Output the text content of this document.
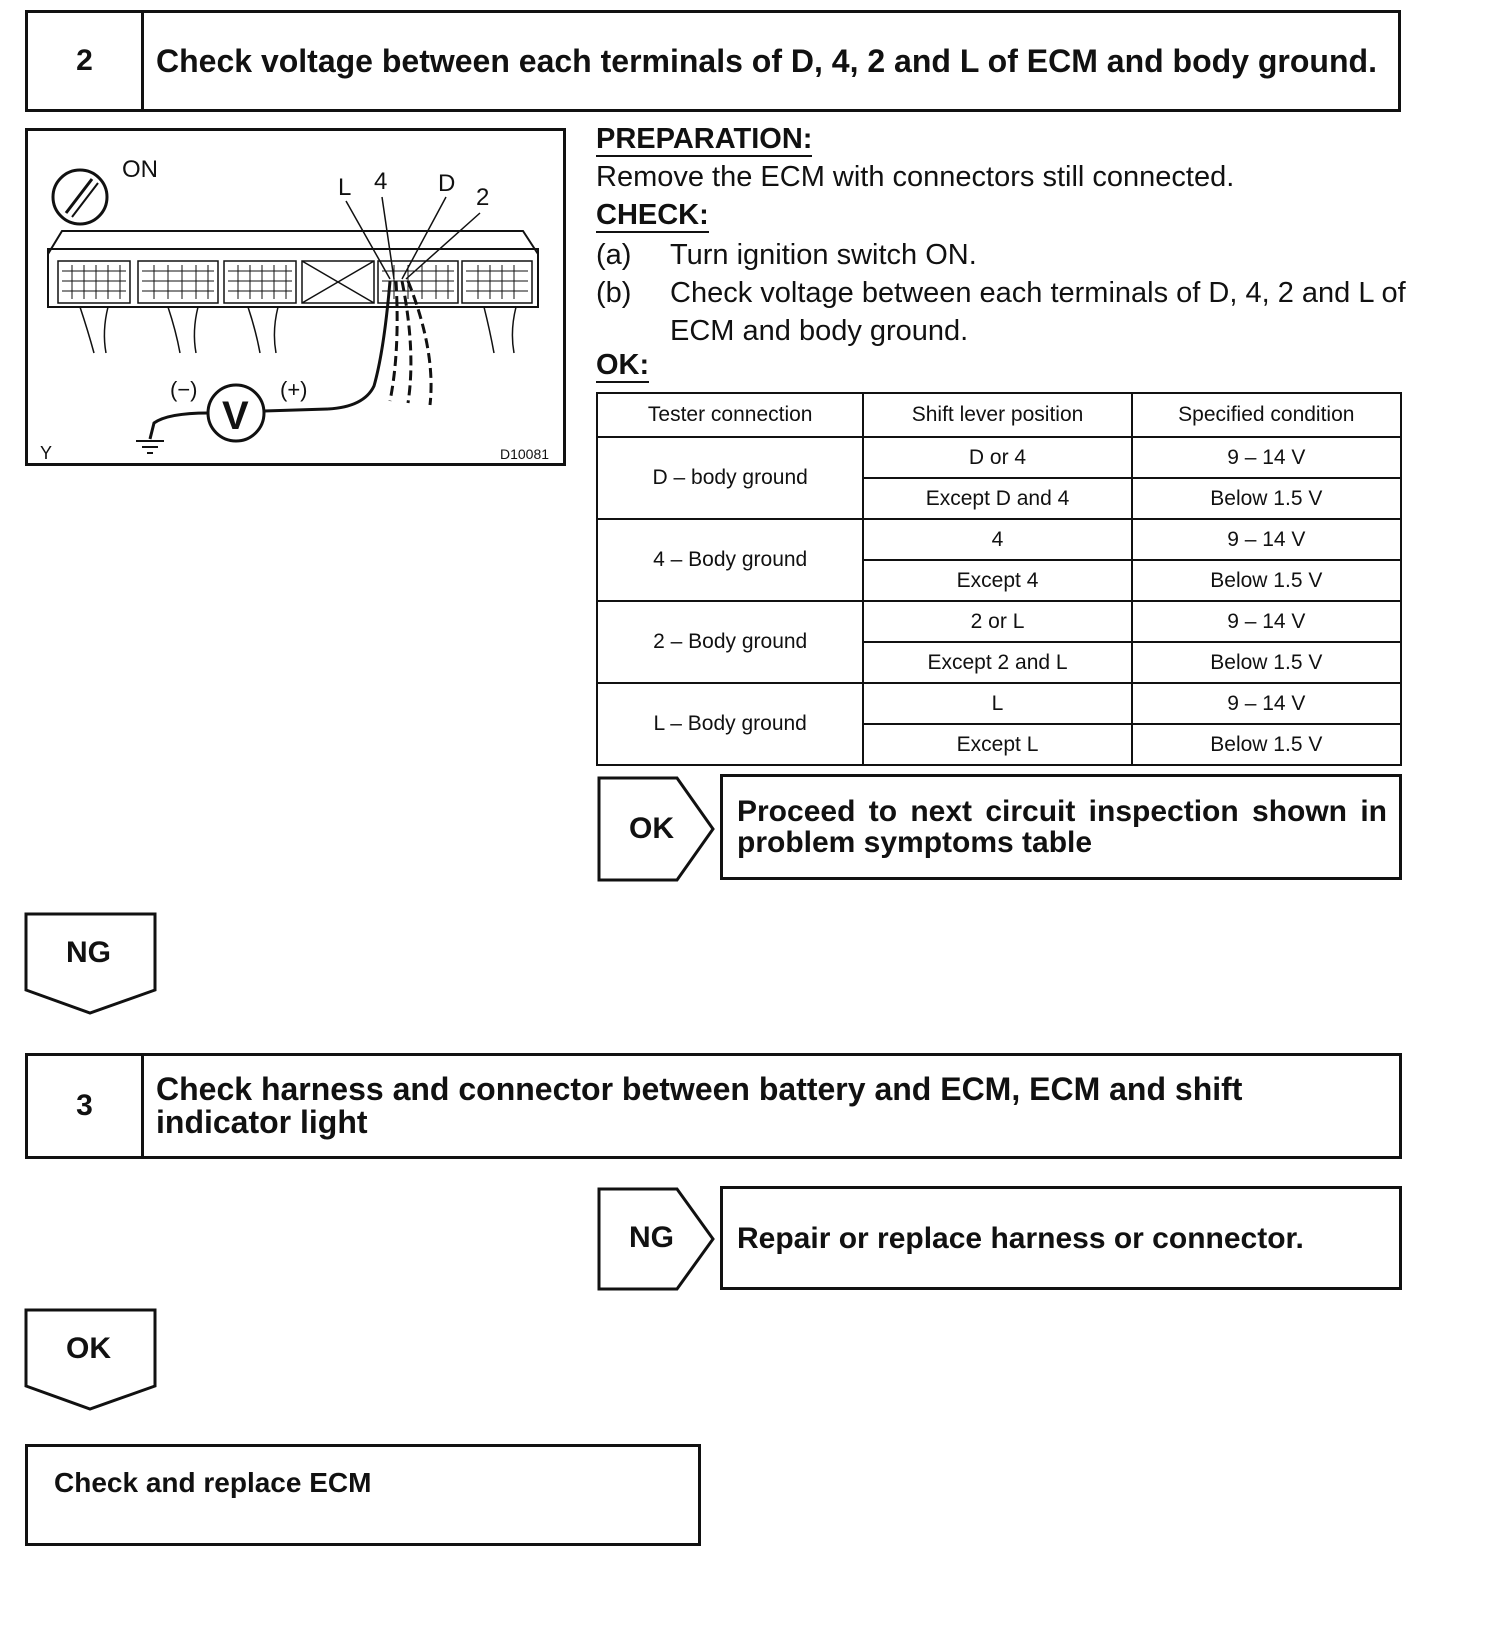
2	Check voltage between each terminals of D, 4, 2 and L of ECM and body ground.
ON
L 4 D
2
V
(−)	(+)
Y	D10081
PREPARATION:
Remove the ECM with connectors still connected.
CHECK:
(a) Turn ignition switch ON.
(b) Check voltage between each terminals of D, 4, 2 and L of
ECM and body ground.
OK:
Tester connection	Shift lever position	Specified condition
D – body ground	D or 4	9 – 14 V
	Except D and 4	Below 1.5 V
4 – Body ground	4	9 – 14 V
	Except 4	Below 1.5 V
2 – Body ground	2 or L	9 – 14 V
	Except 2 and L	Below 1.5 V
L – Body ground	L	9 – 14 V
	Except L	Below 1.5 V
OK
Proceed to next circuit inspection shown in problem symptoms table
NG
3	Check harness and connector between battery and ECM, ECM and shift indicator light
NG	Repair or replace harness or connector.
OK
Check and replace ECM
